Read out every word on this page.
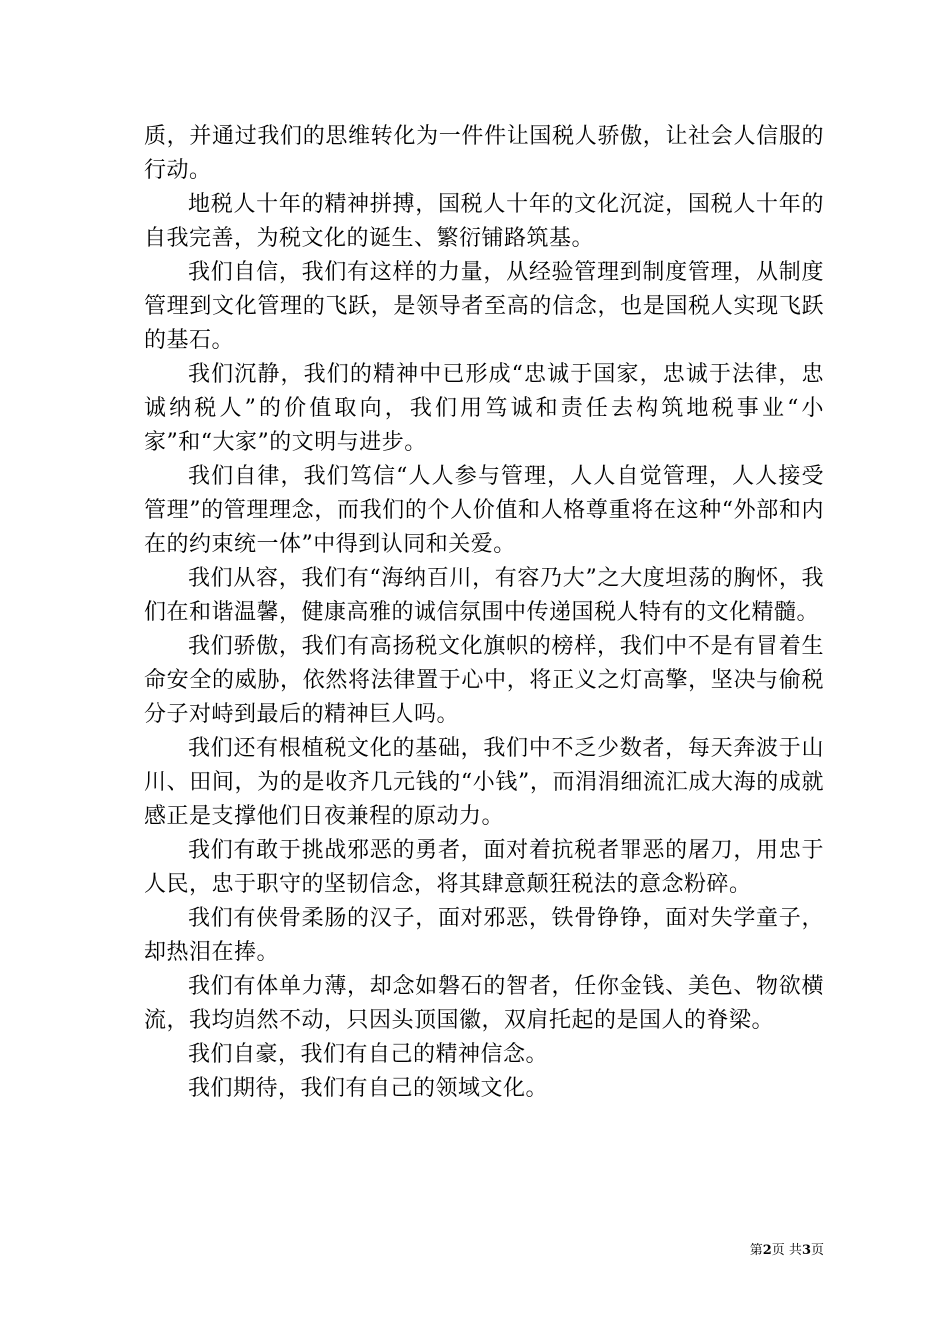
质，并通过我们的思维转化为一件件让国税人骄傲，让社会人信服的行动。

地税人十年的精神拼搏，国税人十年的文化沉淀，国税人十年的自我完善，为税文化的诞生、繁衍铺路筑基。

我们自信，我们有这样的力量，从经验管理到制度管理，从制度管理到文化管理的飞跃，是领导者至高的信念，也是国税人实现飞跃的基石。

我们沉静，我们的精神中已形成“忠诚于国家，忠诚于法律，忠诚纳税人”的价值取向，我们用笃诚和责任去构筑地税事业“小家”和“大家”的文明与进步。

我们自律，我们笃信“人人参与管理，人人自觉管理，人人接受管理”的管理理念，而我们的个人价值和人格尊重将在这种“外部和内在的约束统一体”中得到认同和关爱。

我们从容，我们有“海纳百川，有容乃大”之大度坦荡的胸怀，我们在和谐温馨，健康高雅的诚信氛围中传递国税人特有的文化精髓。

我们骄傲，我们有高扬税文化旗帜的榜样，我们中不是有冒着生命安全的威胁，依然将法律置于心中，将正义之灯高擎，坚决与偷税分子对峙到最后的精神巨人吗。

我们还有根植税文化的基础，我们中不乏少数者，每天奔波于山川、田间，为的是收齐几元钱的“小钱”，而涓涓细流汇成大海的成就感正是支撑他们日夜兼程的原动力。

我们有敢于挑战邪恶的勇者，面对着抗税者罪恶的屠刀，用忠于人民，忠于职守的坚韧信念，将其肆意颠狂税法的意念粉碎。

我们有侠骨柔肠的汉子，面对邪恶，铁骨铮铮，面对失学童子，却热泪在捧。

我们有体单力薄，却念如磐石的智者，任你金钱、美色、物欲横流，我均岿然不动，只因头顶国徽，双肩托起的是国人的脊梁。

我们自豪，我们有自己的精神信念。

我们期待，我们有自己的领域文化。

第2页 共3页
